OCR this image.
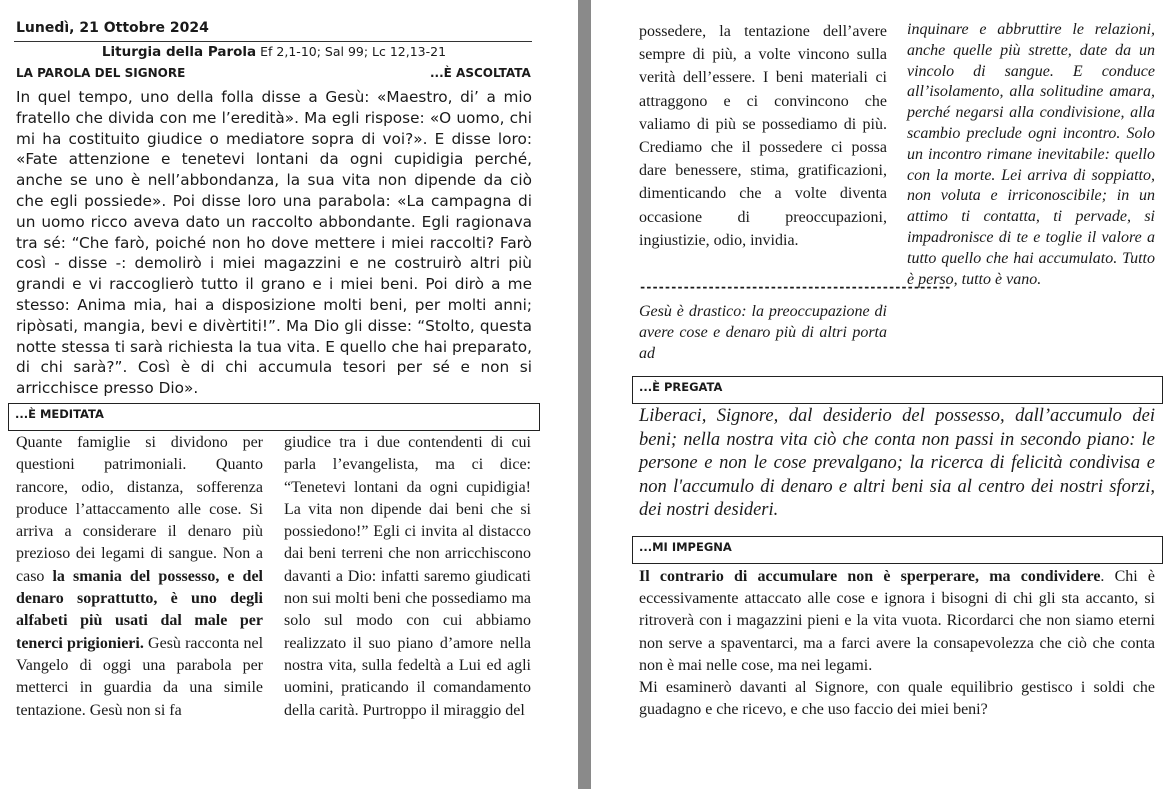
Lunedì, 21 Ottobre 2024
Liturgia della Parola Ef 2,1-10; Sal 99; Lc 12,13-21
LA PAROLA DEL SIGNORE	...È ASCOLTATA

In quel tempo, uno della folla disse a Gesù: «Maestro, di’ a mio fratello che divida con me l’eredità». Ma egli rispose: «O uomo, chi mi ha costituito giudice o mediatore sopra di voi?». E disse loro: «Fate attenzione e tenetevi lontani da ogni cupidigia perché, anche se uno è nell’abbondanza, la sua vita non dipende da ciò che egli possiede». Poi disse loro una parabola: «La campagna di un uomo ricco aveva dato un raccolto abbondante. Egli ragionava tra sé: “Che farò, poiché non ho dove mettere i miei raccolti? Farò così - disse -: demolirò i miei magazzini e ne costruirò altri più grandi e vi raccoglierò tutto il grano e i miei beni. Poi dirò a me stesso: Anima mia, hai a disposizione molti beni, per molti anni; ripòsati, mangia, bevi e divèrtiti!”. Ma Dio gli disse: “Stolto, questa notte stessa ti sarà richiesta la tua vita. E quello che hai preparato, di chi sarà?”. Così è di chi accumula tesori per sé e non si arricchisce presso Dio».

...È MEDITATA

Quante famiglie si dividono per questioni patrimoniali. Quanto rancore, odio, distanza, sofferenza produce l’attaccamento alle cose. Si arriva a considerare il denaro più prezioso dei legami di sangue. Non a caso la smania del possesso, e del denaro soprattutto, è uno degli alfabeti più usati dal male per tenerci prigionieri. Gesù racconta nel Vangelo di oggi una parabola per metterci in guardia da una simile tentazione. Gesù non si fa

giudice tra i due contendenti di cui parla l’evangelista, ma ci dice: “Tenetevi lontani da ogni cupidigia! La vita non dipende dai beni che si possiedono!” Egli ci invita al distacco dai beni terreni che non arricchiscono davanti a Dio: infatti saremo giudicati non sui molti beni che possediamo ma solo sul modo con cui abbiamo realizzato il suo piano d’amore nella nostra vita, sulla fedeltà a Lui ed agli uomini, praticando il comandamento della carità. Purtroppo il miraggio del

possedere, la tentazione dell’avere sempre di più, a volte vincono sulla verità dell’essere. I beni materiali ci attraggono e ci convincono che valiamo di più se possediamo di più. Crediamo che il possedere ci possa dare benessere, stima, gratificazioni, dimenticando che a volte diventa occasione di preoccupazioni, ingiustizie, odio, invidia.

--------------------------------------------------

Gesù è drastico: la preoccupazione di avere cose e denaro più di altri porta ad

inquinare e abbruttire le relazioni, anche quelle più strette, date da un vincolo di sangue. E conduce all’isolamento, alla solitudine amara, perché negarsi alla condivisione, alla scambio preclude ogni incontro. Solo un incontro rimane inevitabile: quello con la morte. Lei arriva di soppiatto, non voluta e irriconoscibile; in un attimo ti contatta, ti pervade, si impadronisce di te e toglie il valore a tutto quello che hai accumulato. Tutto è perso, tutto è vano.

...È PREGATA

Liberaci, Signore, dal desiderio del possesso, dall’accumulo dei beni; nella nostra vita ciò che conta non passi in secondo piano: le persone e non le cose prevalgano; la ricerca di felicità condivisa e non l'accumulo di denaro e altri beni sia al centro dei nostri sforzi, dei nostri desideri.

...MI IMPEGNA

Il contrario di accumulare non è sperperare, ma condividere. Chi è eccessivamente attaccato alle cose e ignora i bisogni di chi gli sta accanto, si ritroverà con i magazzini pieni e la vita vuota. Ricordarci che non siamo eterni non serve a spaventarci, ma a farci avere la consapevolezza che ciò che conta non è mai nelle cose, ma nei legami.

Mi esaminerò davanti al Signore, con quale equilibrio gestisco i soldi che guadagno e che ricevo, e che uso faccio dei miei beni?
